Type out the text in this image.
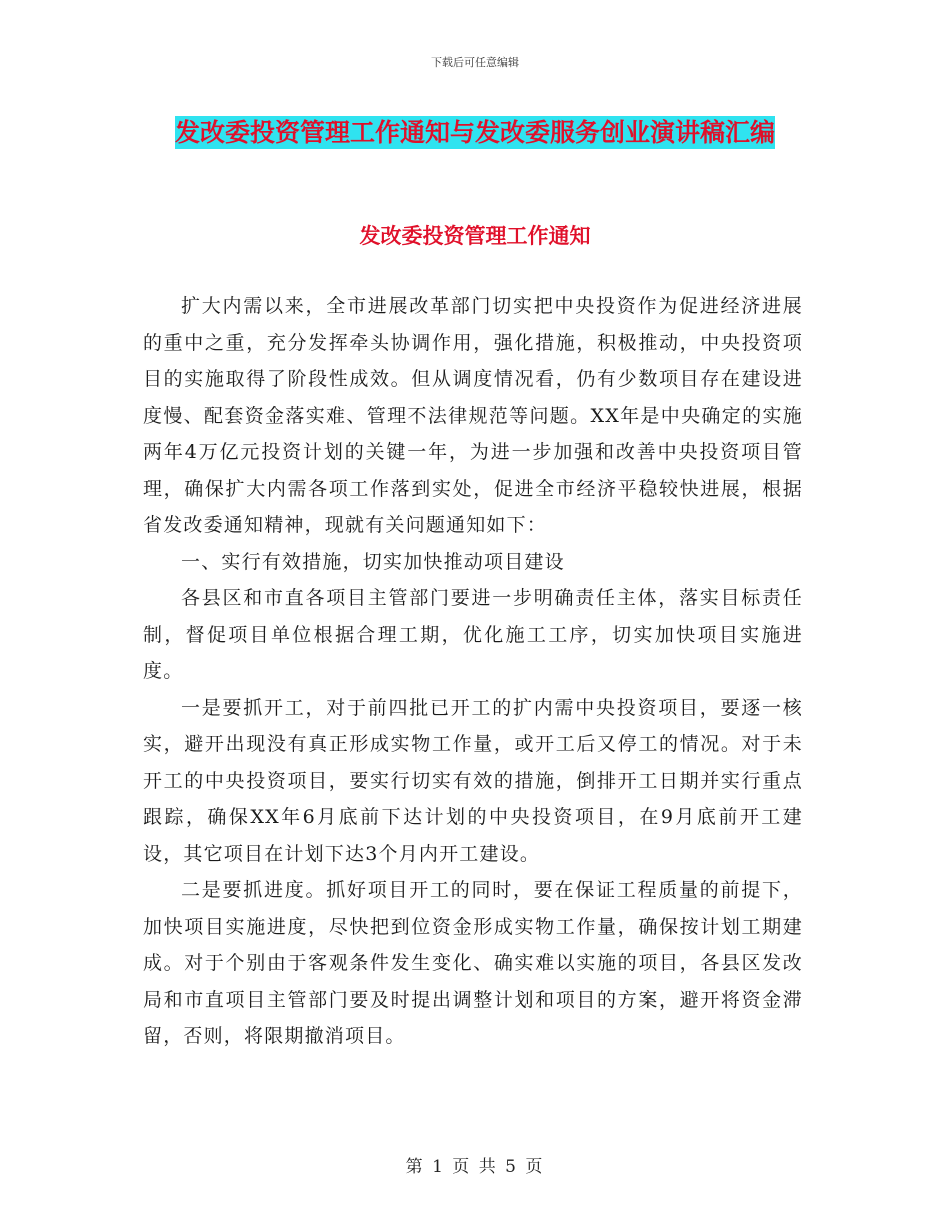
下载后可任意编辑
发改委投资管理工作通知与发改委服务创业演讲稿汇编
发改委投资管理工作通知

扩大内需以来，全市进展改革部门切实把中央投资作为促进经济进展的重中之重，充分发挥牵头协调作用，强化措施，积极推动，中央投资项目的实施取得了阶段性成效。但从调度情况看，仍有少数项目存在建设进度慢、配套资金落实难、管理不法律规范等问题。XX年是中央确定的实施两年4万亿元投资计划的关键一年，为进一步加强和改善中央投资项目管理，确保扩大内需各项工作落到实处，促进全市经济平稳较快进展，根据省发改委通知精神，现就有关问题通知如下：

一、实行有效措施，切实加快推动项目建设

各县区和市直各项目主管部门要进一步明确责任主体，落实目标责任制，督促项目单位根据合理工期，优化施工工序，切实加快项目实施进度。

一是要抓开工，对于前四批已开工的扩内需中央投资项目，要逐一核实，避开出现没有真正形成实物工作量，或开工后又停工的情况。对于未开工的中央投资项目，要实行切实有效的措施，倒排开工日期并实行重点跟踪，确保XX年6月底前下达计划的中央投资项目，在9月底前开工建设，其它项目在计划下达3个月内开工建设。

二是要抓进度。抓好项目开工的同时，要在保证工程质量的前提下，加快项目实施进度，尽快把到位资金形成实物工作量，确保按计划工期建成。对于个别由于客观条件发生变化、确实难以实施的项目，各县区发改局和市直项目主管部门要及时提出调整计划和项目的方案，避开将资金滞留，否则，将限期撤消项目。

第 1 页 共 5 页
